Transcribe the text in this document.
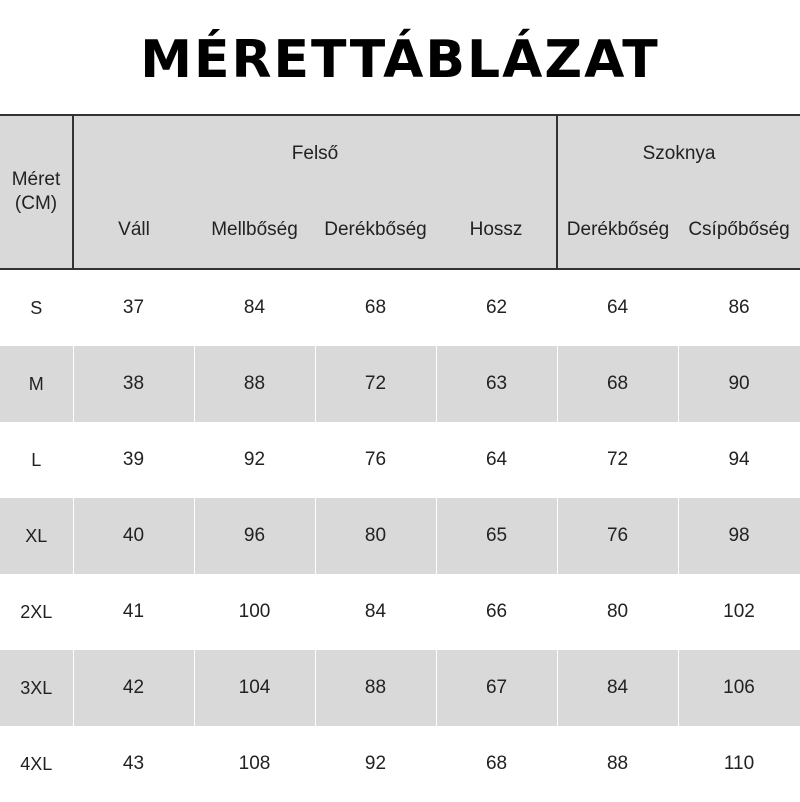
MÉRETTÁBLÁZAT
Méret (CM)	Felső				Szoknya	
	Váll	Mellbőség	Derékbőség	Hossz	Derékbőség	Csípőbőség
S	37	84	68	62	64	86
M	38	88	72	63	68	90
L	39	92	76	64	72	94
XL	40	96	80	65	76	98
2XL	41	100	84	66	80	102
3XL	42	104	88	67	84	106
4XL	43	108	92	68	88	110
